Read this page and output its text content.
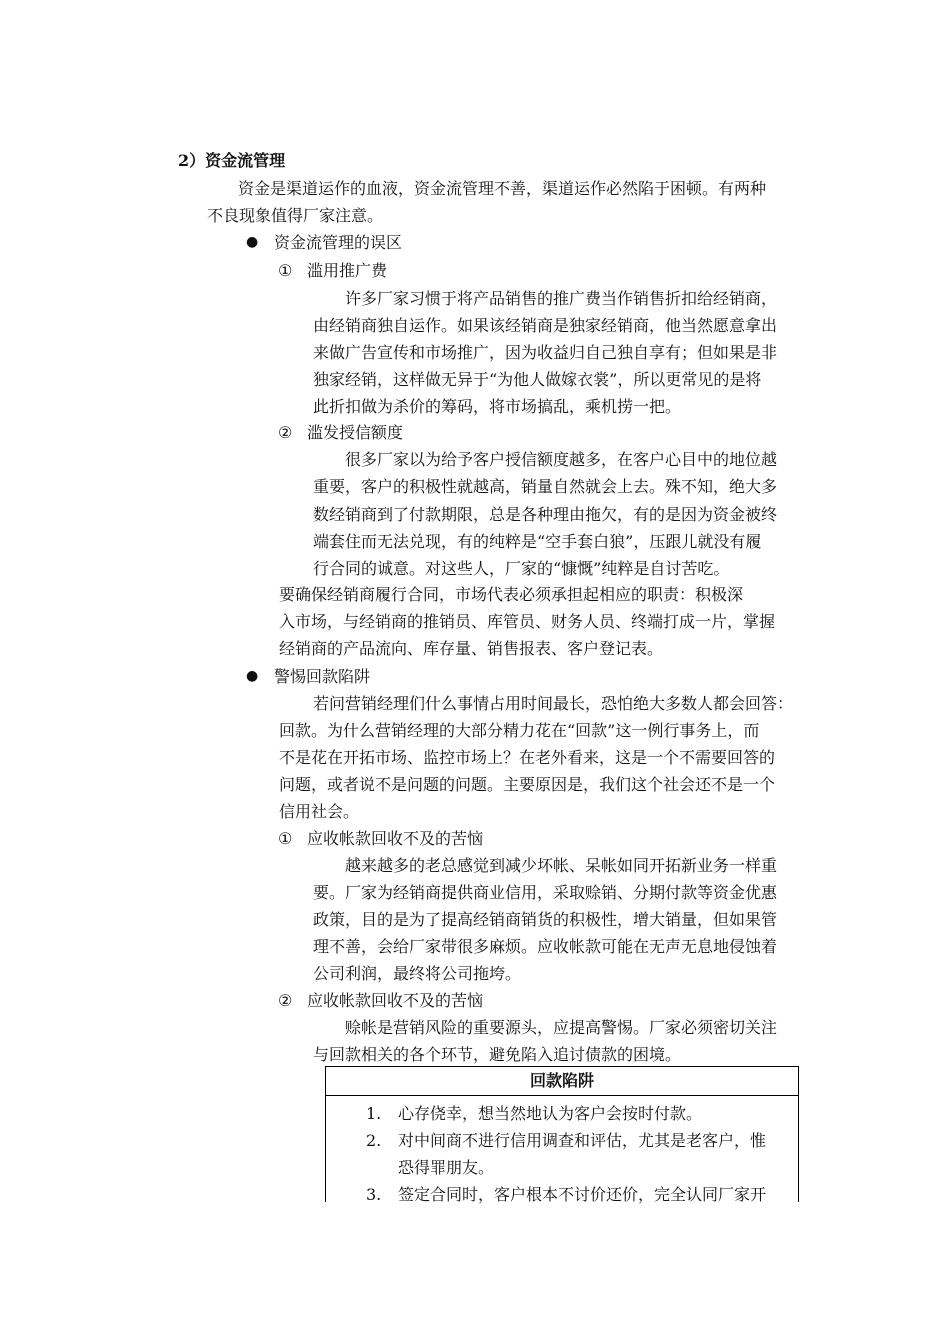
2）资金流管理
资金是渠道运作的血液，资金流管理不善，渠道运作必然陷于困顿。有两种
不良现象值得厂家注意。
● 资金流管理的误区
① 滥用推广费
许多厂家习惯于将产品销售的推广费当作销售折扣给经销商，
由经销商独自运作。如果该经销商是独家经销商，他当然愿意拿出
来做广告宣传和市场推广，因为收益归自己独自享有；但如果是非
独家经销，这样做无异于“为他人做嫁衣裳”，所以更常见的是将
此折扣做为杀价的筹码，将市场搞乱，乘机捞一把。
② 滥发授信额度
很多厂家以为给予客户授信额度越多，在客户心目中的地位越
重要，客户的积极性就越高，销量自然就会上去。殊不知，绝大多
数经销商到了付款期限，总是各种理由拖欠，有的是因为资金被终
端套住而无法兑现，有的纯粹是“空手套白狼”，压跟儿就没有履
行合同的诚意。对这些人，厂家的“慷慨”纯粹是自讨苦吃。
要确保经销商履行合同，市场代表必须承担起相应的职责：积极深
入市场，与经销商的推销员、库管员、财务人员、终端打成一片，掌握
经销商的产品流向、库存量、销售报表、客户登记表。
● 警惕回款陷阱
若问营销经理们什么事情占用时间最长，恐怕绝大多数人都会回答：
回款。为什么营销经理的大部分精力花在“回款”这一例行事务上，而
不是花在开拓市场、监控市场上？在老外看来，这是一个不需要回答的
问题，或者说不是问题的问题。主要原因是，我们这个社会还不是一个
信用社会。
① 应收帐款回收不及的苦恼
越来越多的老总感觉到减少坏帐、呆帐如同开拓新业务一样重
要。厂家为经销商提供商业信用，采取赊销、分期付款等资金优惠
政策，目的是为了提高经销商销货的积极性，增大销量，但如果管
理不善，会给厂家带很多麻烦。应收帐款可能在无声无息地侵蚀着
公司利润，最终将公司拖垮。
② 应收帐款回收不及的苦恼
赊帐是营销风险的重要源头，应提高警惕。厂家必须密切关注
与回款相关的各个环节，避免陷入追讨债款的困境。
回款陷阱
1. 心存侥幸，想当然地认为客户会按时付款。
2. 对中间商不进行信用调查和评估，尤其是老客户，惟
恐得罪朋友。
3. 签定合同时，客户根本不讨价还价，完全认同厂家开
